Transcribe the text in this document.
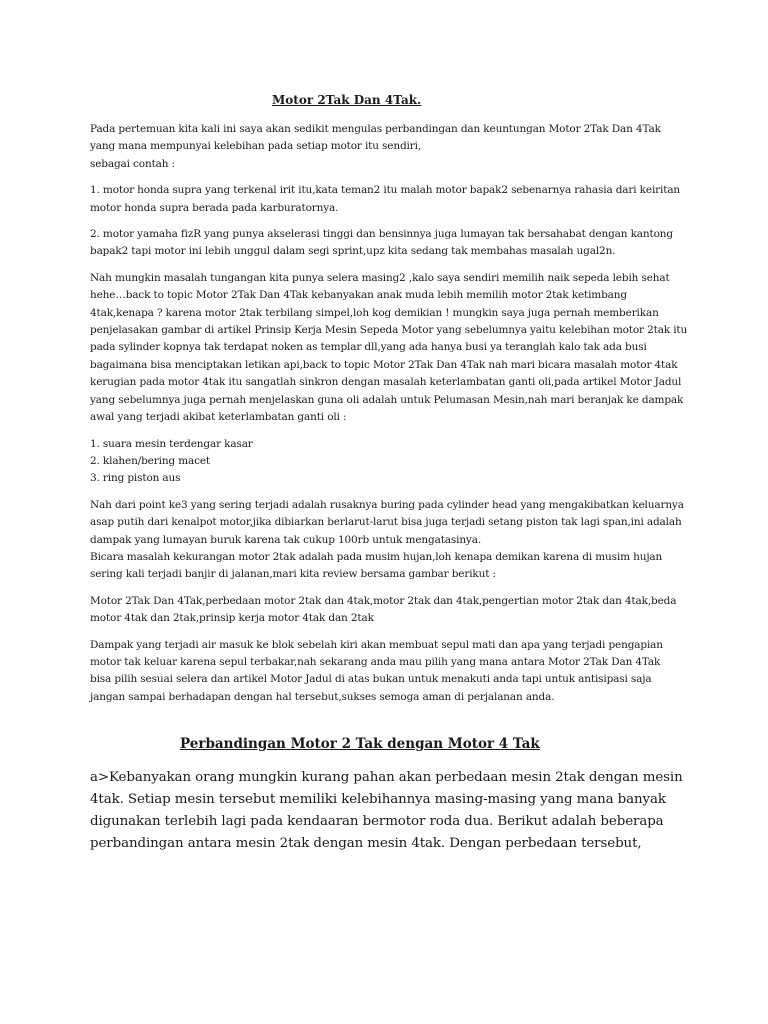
Motor 2Tak Dan 4Tak.
Pada pertemuan kita kali ini saya akan sedikit mengulas perbandingan dan keuntungan Motor 2Tak Dan 4Tak
yang mana mempunyai kelebihan pada setiap motor itu sendiri,
sebagai contah :
1. motor honda supra yang terkenal irit itu,kata teman2 itu malah motor bapak2 sebenarnya rahasia dari keiritan
motor honda supra berada pada karburatornya.
2. motor yamaha fizR yang punya akselerasi tinggi dan bensinnya juga lumayan tak bersahabat dengan kantong
bapak2 tapi motor ini lebih unggul dalam segi sprint,upz kita sedang tak membahas masalah ugal2n.
Nah mungkin masalah tungangan kita punya selera masing2 ,kalo saya sendiri memilih naik sepeda lebih sehat
hehe…back to topic Motor 2Tak Dan 4Tak kebanyakan anak muda lebih memilih motor 2tak ketimbang
4tak,kenapa ? karena motor 2tak terbilang simpel,loh kog demikian ! mungkin saya juga pernah memberikan
penjelasakan gambar di artikel Prinsip Kerja Mesin Sepeda Motor yang sebelumnya yaitu kelebihan motor 2tak itu
pada sylinder kopnya tak terdapat noken as templar dll,yang ada hanya busi ya teranglah kalo tak ada busi
bagaimana bisa menciptakan letikan api,back to topic Motor 2Tak Dan 4Tak nah mari bicara masalah motor 4tak
kerugian pada motor 4tak itu sangatlah sinkron dengan masalah keterlambatan ganti oli,pada artikel Motor Jadul
yang sebelumnya juga pernah menjelaskan guna oli adalah untuk Pelumasan Mesin,nah mari beranjak ke dampak
awal yang terjadi akibat keterlambatan ganti oli :
1. suara mesin terdengar kasar
2. klahen/bering macet
3. ring piston aus
Nah dari point ke3 yang sering terjadi adalah rusaknya buring pada cylinder head yang mengakibatkan keluarnya
asap putih dari kenalpot motor,jika dibiarkan berlarut-larut bisa juga terjadi setang piston tak lagi span,ini adalah
dampak yang lumayan buruk karena tak cukup 100rb untuk mengatasinya.
Bicara masalah kekurangan motor 2tak adalah pada musim hujan,loh kenapa demikan karena di musim hujan
sering kali terjadi banjir di jalanan,mari kita review bersama gambar berikut :
Motor 2Tak Dan 4Tak,perbedaan motor 2tak dan 4tak,motor 2tak dan 4tak,pengertian motor 2tak dan 4tak,beda
motor 4tak dan 2tak,prinsip kerja motor 4tak dan 2tak
Dampak yang terjadi air masuk ke blok sebelah kiri akan membuat sepul mati dan apa yang terjadi pengapian
motor tak keluar karena sepul terbakar,nah sekarang anda mau pilih yang mana antara Motor 2Tak Dan 4Tak
bisa pilih sesuai selera dan artikel Motor Jadul di atas bukan untuk menakuti anda tapi untuk antisipasi saja
jangan sampai berhadapan dengan hal tersebut,sukses semoga aman di perjalanan anda.
Perbandingan Motor 2 Tak dengan Motor 4 Tak
a>Kebanyakan orang mungkin kurang pahan akan perbedaan mesin 2tak dengan mesin
4tak. Setiap mesin tersebut memiliki kelebihannya masing-masing yang mana banyak
digunakan terlebih lagi pada kendaaran bermotor roda dua. Berikut adalah beberapa
perbandingan antara mesin 2tak dengan mesin 4tak. Dengan perbedaan tersebut,
